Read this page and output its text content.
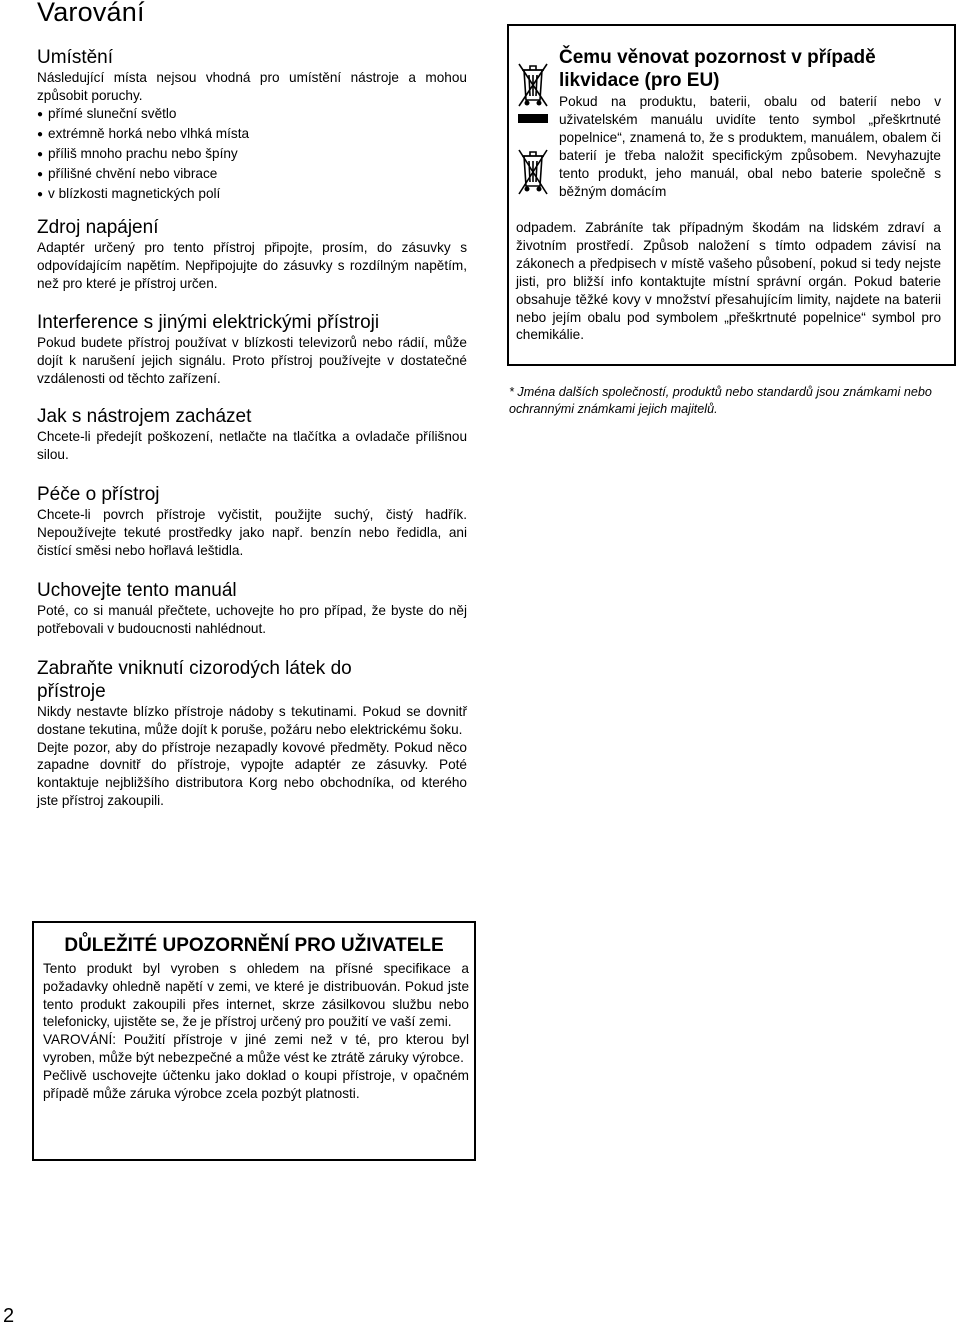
Varování
Umístění

Následující místa nejsou vhodná pro umístění nástroje a mohou způsobit poruchy.

● přímé sluneční světlo
● extrémně horká nebo vlhká místa
● příliš mnoho prachu nebo špíny
● přílišné chvění nebo vibrace
● v blízkosti magnetických polí
Zdroj napájení

Adaptér určený pro tento přístroj připojte, prosím, do zásuvky s odpovídajícím napětím. Nepřipojujte do zásuvky s rozdílným napětím, než pro které je přístroj určen.

Interference s jinými elektrickými přístroji

Pokud budete přístroj používat v blízkosti televizorů nebo rádií, může dojít k narušení jejich signálu. Proto přístroj používejte v dostatečné vzdálenosti od těchto zařízení.

Jak s nástrojem zacházet

Chcete-li předejít poškození, netlačte na tlačítka a ovladače přílišnou silou.

Péče o přístroj

Chcete-li povrch přístroje vyčistit, použijte suchý, čistý hadřík. Nepoužívejte tekuté prostředky jako např. benzín nebo ředidla, ani čistící směsi nebo hořlavá leštidla.

Uchovejte tento manuál

Poté, co si manuál přečtete, uchovejte ho pro případ, že byste do něj potřebovali v budoucnosti nahlédnout.

Zabraňte vniknutí cizorodých látek do přístroje

Nikdy nestavte blízko přístroje nádoby s tekutinami. Pokud se dovnitř dostane tekutina, může dojít k poruše, požáru nebo elektrickému šoku.

Dejte pozor, aby do přístroje nezapadly kovové předměty. Pokud něco zapadne dovnitř do přístroje, vypojte adaptér ze zásuvky. Poté kontaktuje nejbližšího distributora Korg nebo obchodníka, od kterého jste přístroj zakoupili.

Čemu věnovat pozornost v případě likvidace (pro EU)

Pokud na produktu, baterii, obalu od baterií nebo v uživatelském manuálu uvidíte tento symbol „přeškrtnuté popelnice“, znamená to, že s produktem, manuálem, obalem či baterií je třeba naložit specifickým způsobem. Nevyhazujte tento produkt, jeho manuál, obal nebo baterie společně s běžným domácím

odpadem. Zabráníte tak případným škodám na lidském zdraví a životním prostředí. Způsob naložení s tímto odpadem závisí na zákonech a předpisech v místě vašeho působení, pokud si tedy nejste jisti, pro bližší info kontaktujte místní správní orgán. Pokud baterie obsahuje těžké kovy v množství přesahujícím limity, najdete na baterii nebo jejím obalu pod symbolem „přeškrtnuté popelnice“ symbol pro chemikálie.

* Jména dalších společností, produktů nebo standardů jsou známkami nebo ochrannými známkami jejich majitelů.

DŮLEŽITÉ UPOZORNĚNÍ PRO UŽIVATELE

Tento produkt byl vyroben s ohledem na přísné specifikace a požadavky ohledně napětí v zemi, ve které je distribuován. Pokud jste tento produkt zakoupili přes internet, skrze zásilkovou službu nebo telefonicky, ujistěte se, že je přístroj určený pro použití ve vaší zemi.

VAROVÁNÍ: Použití přístroje v jiné zemi než v té, pro kterou byl vyroben, může být nebezpečné a může vést ke ztrátě záruky výrobce.

Pečlivě uschovejte účtenku jako doklad o koupi přístroje, v opačném případě může záruka výrobce zcela pozbýt platnosti.

2
